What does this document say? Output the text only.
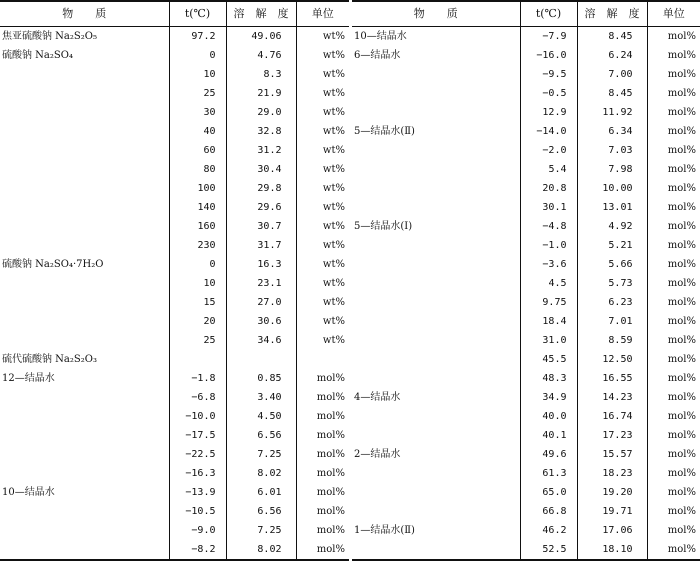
物　　质	t(℃)	溶　解　度	单位
焦亚硫酸钠 Na₂S₂O₅	97.2	49.06	wt%
硫酸钠 Na₂SO₄	0	4.76	wt%
	10	8.3	wt%
	25	21.9	wt%
	30	29.0	wt%
	40	32.8	wt%
	60	31.2	wt%
	80	30.4	wt%
	100	29.8	wt%
	140	29.6	wt%
	160	30.7	wt%
	230	31.7	wt%
硫酸钠 Na₂SO₄·7H₂O	0	16.3	wt%
	10	23.1	wt%
	15	27.0	wt%
	20	30.6	wt%
	25	34.6	wt%
硫代硫酸钠 Na₂S₂O₃			
12—结晶水	−1.8	0.85	mol%
	−6.8	3.40	mol%
	−10.0	4.50	mol%
	−17.5	6.56	mol%
	−22.5	7.25	mol%
	−16.3	8.02	mol%
10—结晶水	−13.9	6.01	mol%
	−10.5	6.56	mol%
	−9.0	7.25	mol%
	−8.2	8.02	mol%
物　　质	t(℃)	溶　解　度	单位
10—结晶水	−7.9	8.45	mol%
6—结晶水	−16.0	6.24	mol%
	−9.5	7.00	mol%
	−0.5	8.45	mol%
	12.9	11.92	mol%
5—结晶水(Ⅱ)	−14.0	6.34	mol%
	−2.0	7.03	mol%
	5.4	7.98	mol%
	20.8	10.00	mol%
	30.1	13.01	mol%
5—结晶水(Ⅰ)	−4.8	4.92	mol%
	−1.0	5.21	mol%
	−3.6	5.66	mol%
	4.5	5.73	mol%
	9.75	6.23	mol%
	18.4	7.01	mol%
	31.0	8.59	mol%
	45.5	12.50	mol%
	48.3	16.55	mol%
4—结晶水	34.9	14.23	mol%
	40.0	16.74	mol%
	40.1	17.23	mol%
2—结晶水	49.6	15.57	mol%
	61.3	18.23	mol%
	65.0	19.20	mol%
	66.8	19.71	mol%
1—结晶水(Ⅱ)	46.2	17.06	mol%
	52.5	18.10	mol%
